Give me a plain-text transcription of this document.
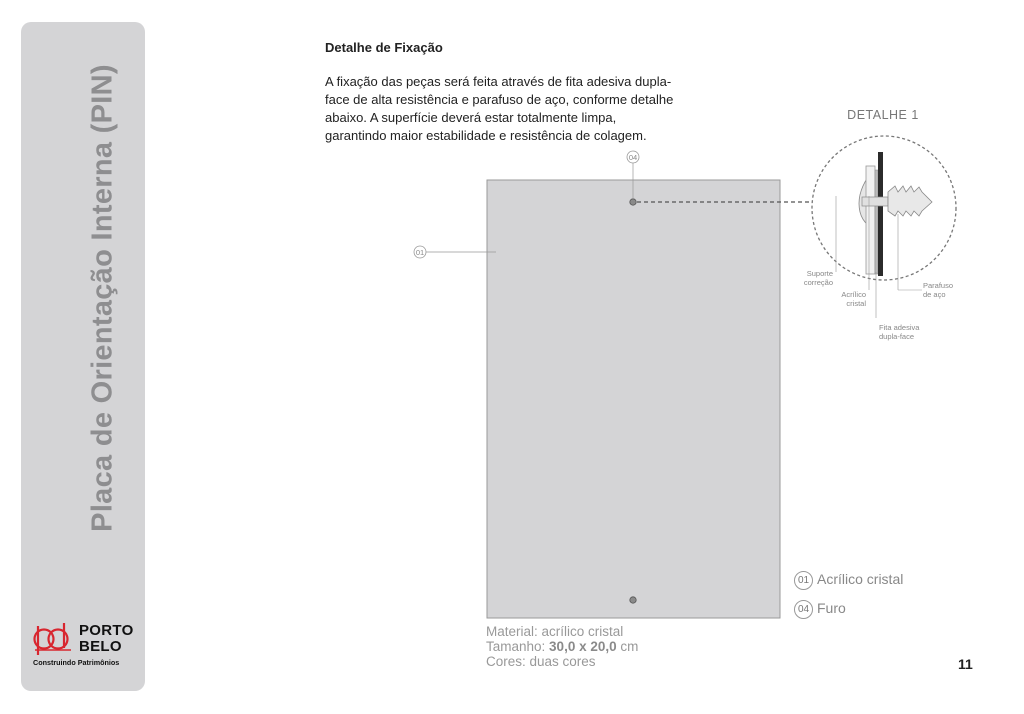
Placa de Orientação Interna (PIN)
PORTO
BELO
Construindo Patrimônios
Detalhe de Fixação
A fixação das peças será feita através de fita adesiva dupla-face de alta resistência e parafuso de aço, conforme detalhe abaixo. A superfície deverá estar totalmente limpa, garantindo maior estabilidade e resistência de colagem.
01
04
DETALHE 1
Suporte
correção
Acrílico
cristal
Fita adesiva
dupla-face
Parafuso
de aço
01 Acrílico cristal
04 Furo
Material: acrílico cristal
Tamanho: 30,0 x 20,0 cm
Cores: duas cores	11
